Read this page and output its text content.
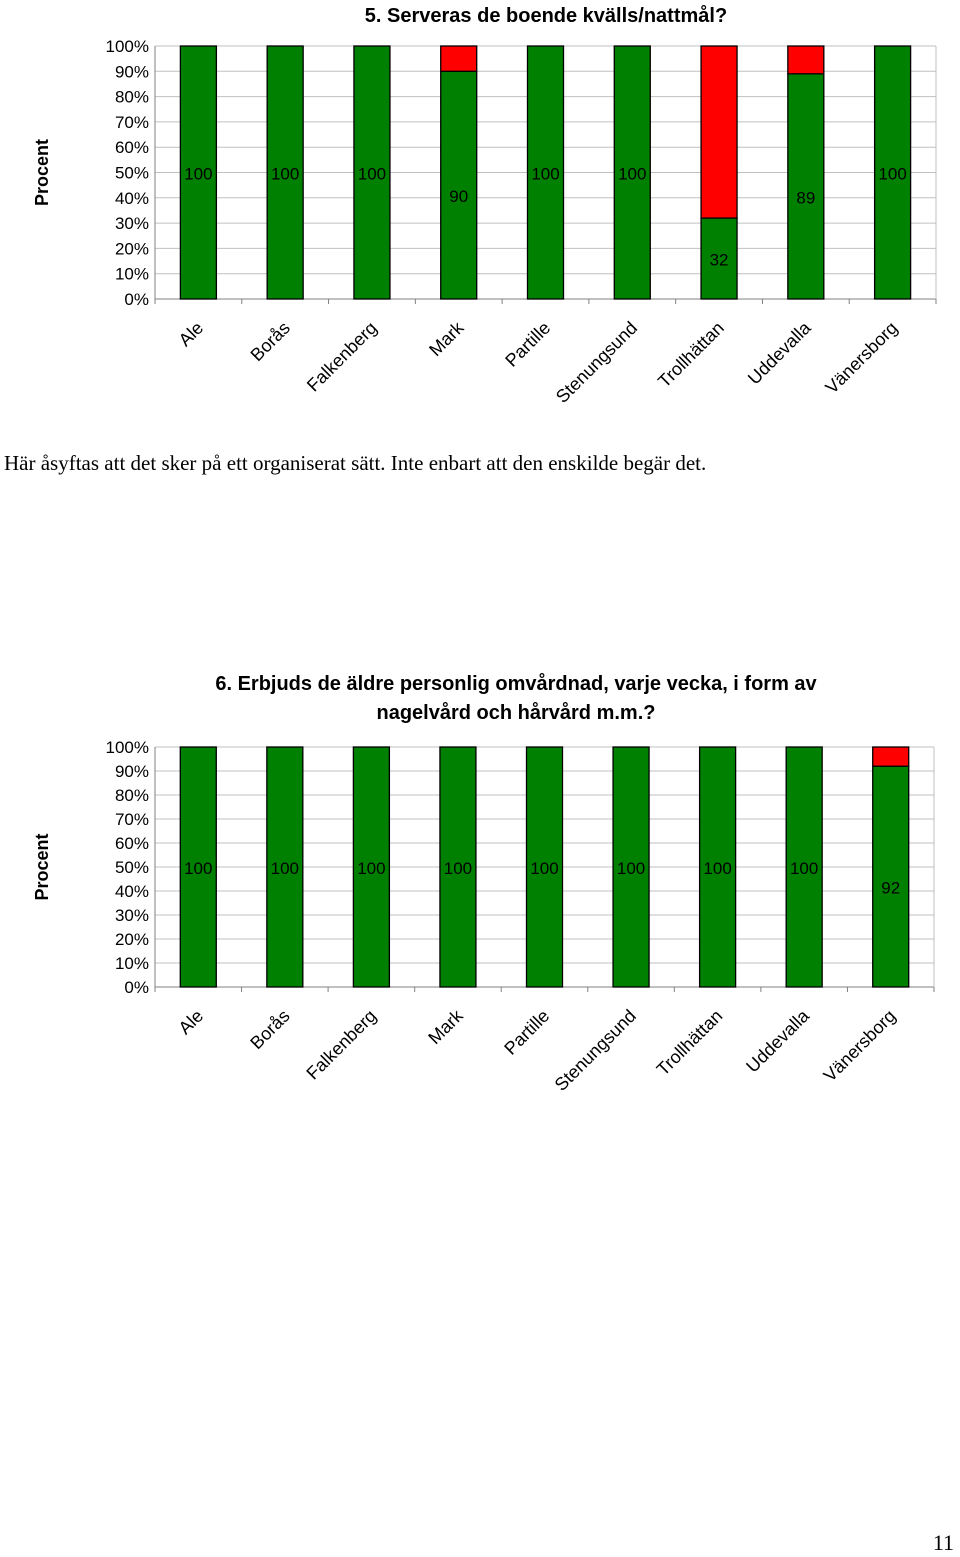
5. Serveras de boende kvälls/nattmål?
Procent
0%
10%
20%
30%
40%
50%
60%
70%
80%
90%
100%
100
Ale
100
Borås
100
Falkenberg
90
Mark
100
Partille
100
Stenungsund
32
Trollhättan
89
Uddevalla
100
Vänersborg
Här åsyftas att det sker på ett organiserat sätt. Inte enbart att den enskilde begär det.
6. Erbjuds de äldre personlig omvårdnad, varje vecka, i form av
nagelvård och hårvård m.m.?
Procent
0%
10%
20%
30%
40%
50%
60%
70%
80%
90%
100%
100
Ale
100
Borås
100
Falkenberg
100
Mark
100
Partille
100
Stenungsund
100
Trollhättan
100
Uddevalla
92
Vänersborg
11
